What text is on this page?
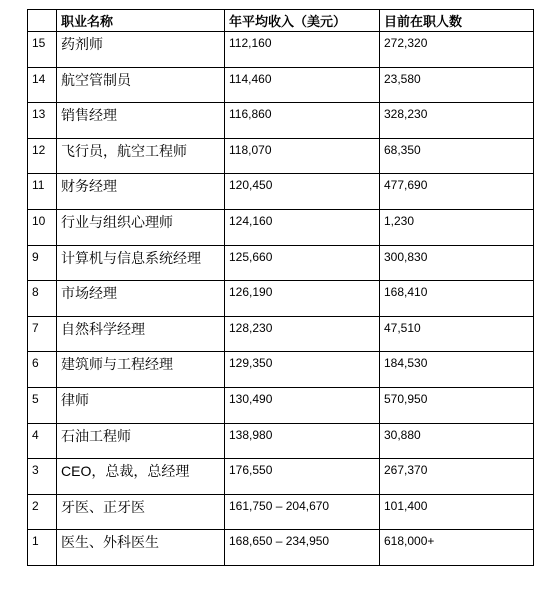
	职业名称	年平均收入（美元）	目前在职人数
15	药剂师	112,160	272,320
14	航空管制员	114,460	23,580
13	销售经理	116,860	328,230
12	飞行员，航空工程师	118,070	68,350
11	财务经理	120,450	477,690
10	行业与组织心理师	124,160	1,230
9	计算机与信息系统经理	125,660	300,830
8	市场经理	126,190	168,410
7	自然科学经理	128,230	47,510
6	建筑师与工程经理	129,350	184,530
5	律师	130,490	570,950
4	石油工程师	138,980	30,880
3	CEO，总裁，总经理	176,550	267,370
2	牙医、正牙医	161,750 – 204,670	101,400
1	医生、外科医生	168,650 – 234,950	618,000+
